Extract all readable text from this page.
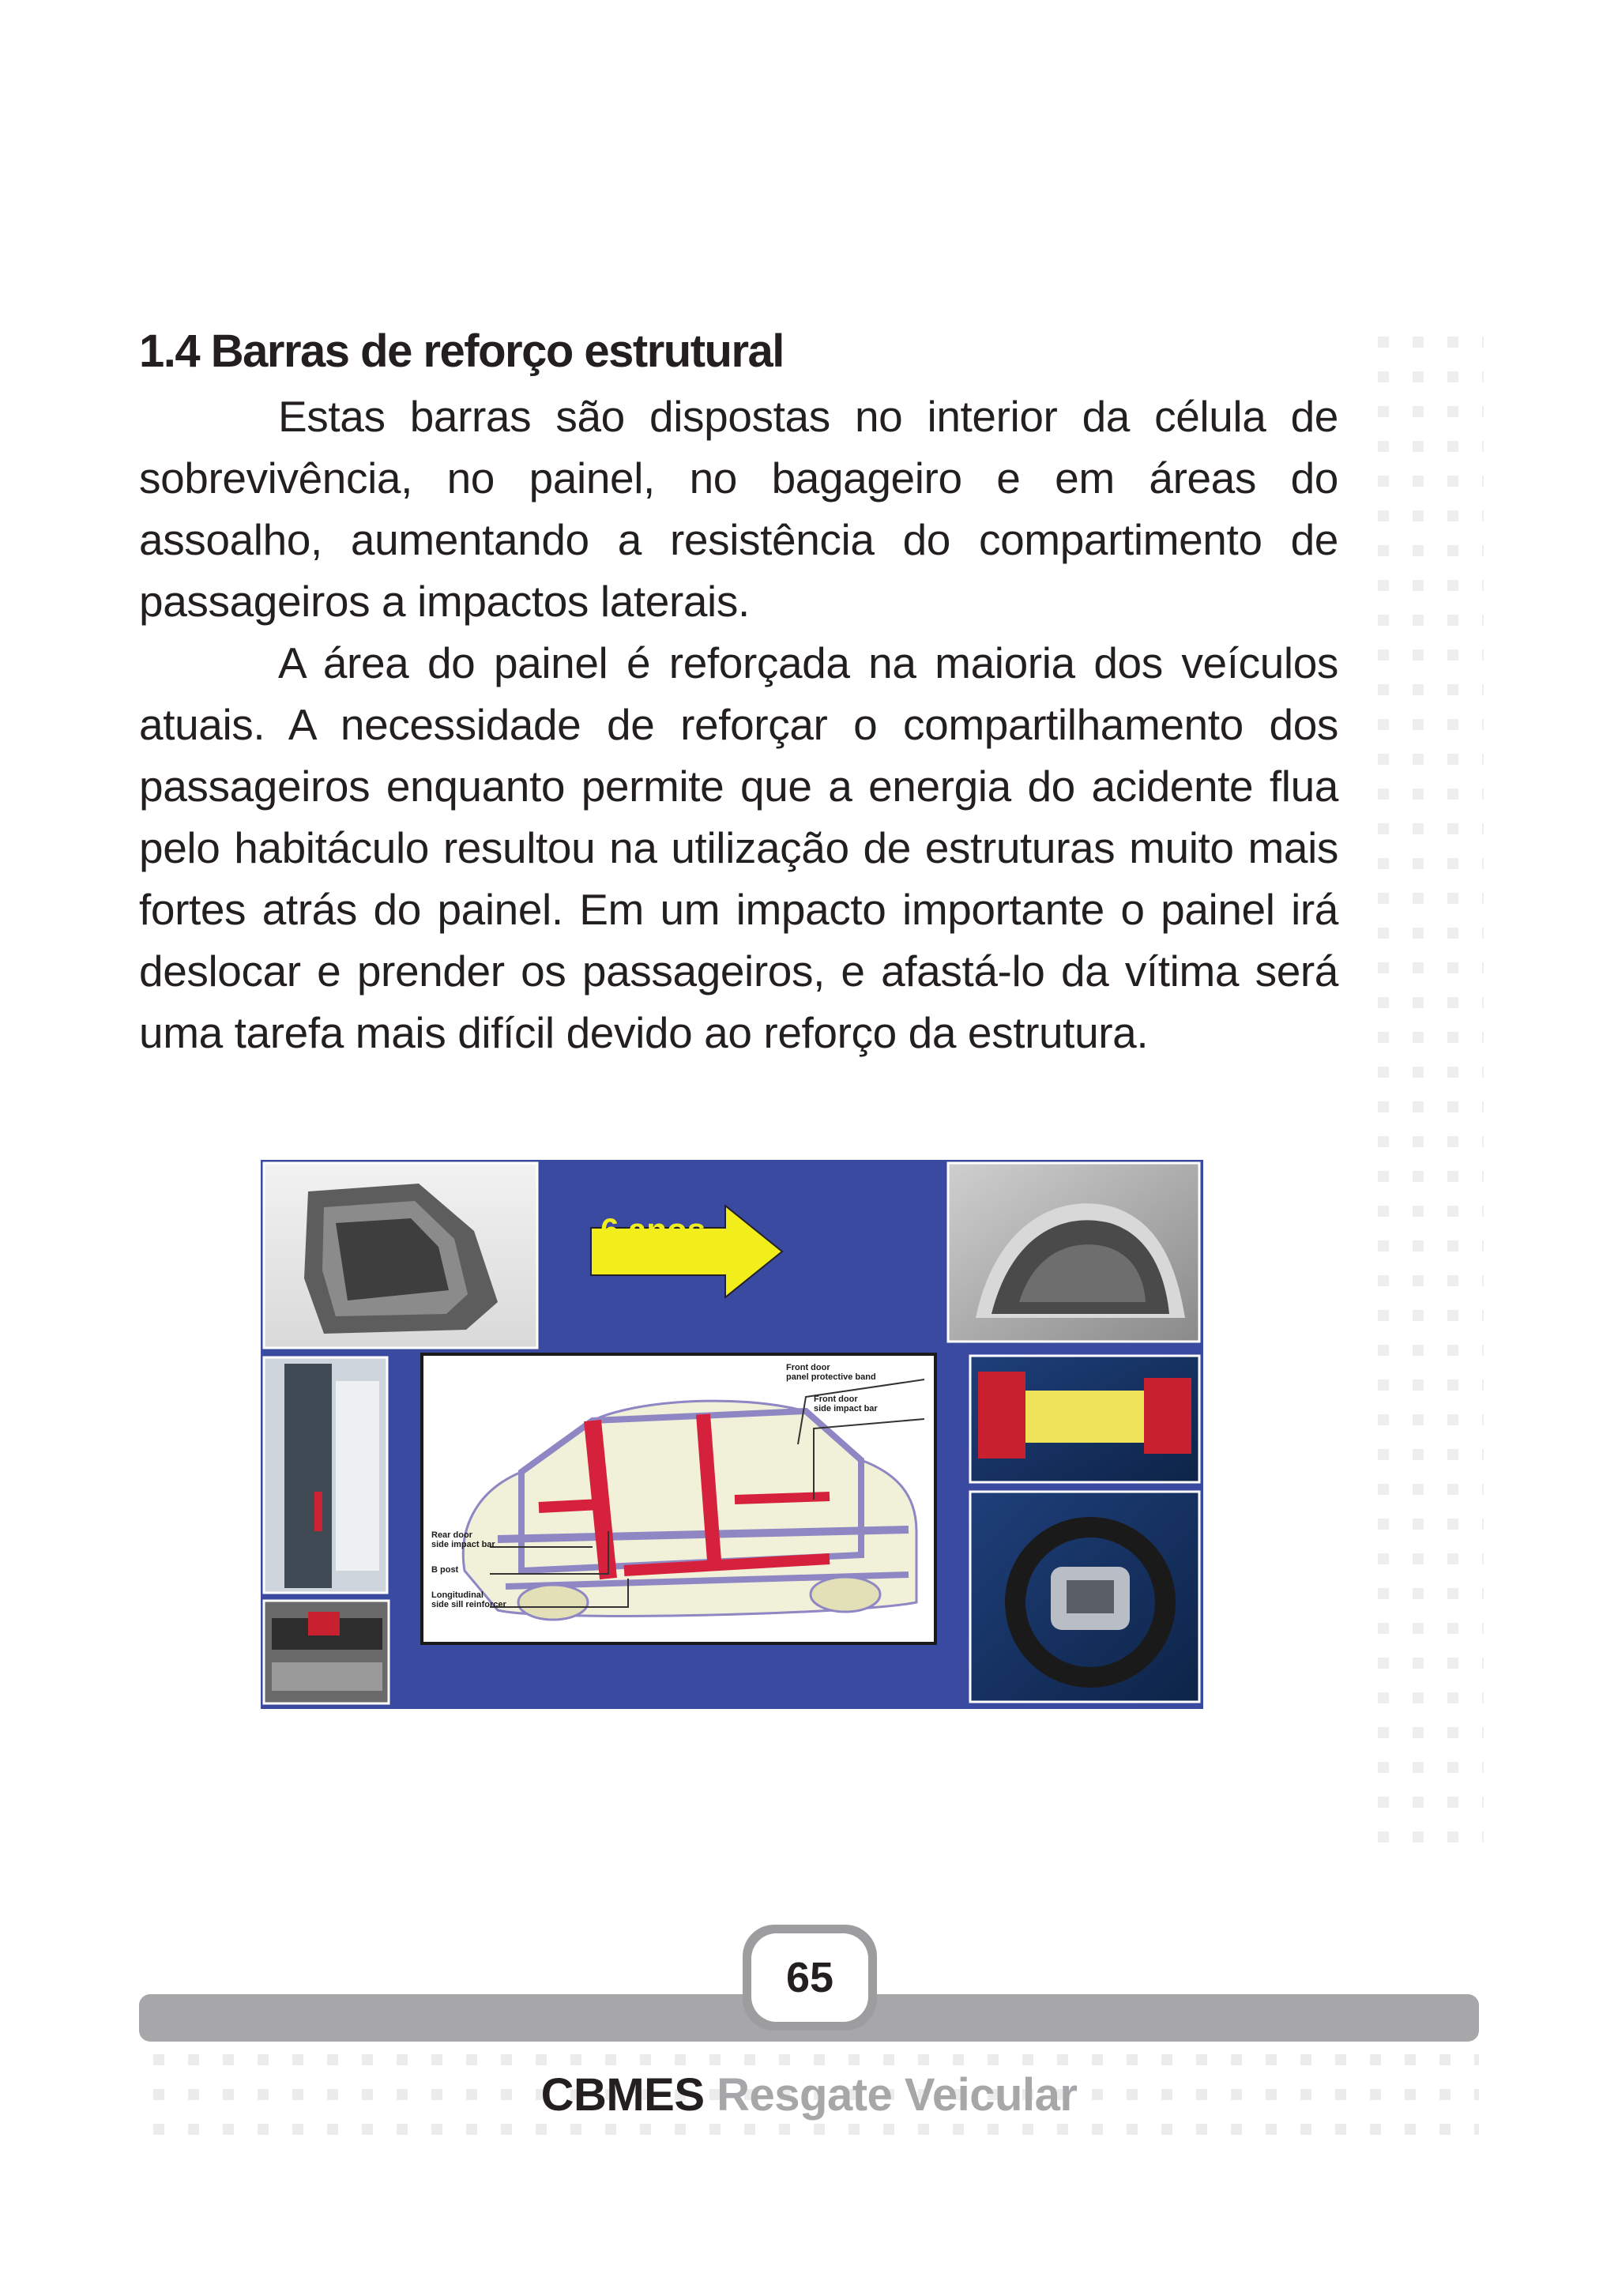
1.4 Barras de reforço estrutural

Estas barras são dispostas no interior da célula de sobrevivência, no painel, no bagageiro e em áreas do assoalho, aumentando a resistência do compartimento de passageiros a impactos laterais.

A área do painel é reforçada na maioria dos veículos atuais. A necessidade de reforçar o compartilhamento dos passageiros enquanto permite que a energia do acidente flua pelo habitáculo resultou na utilização de estruturas muito mais fortes atrás do painel. Em um impacto importante o painel irá deslocar e prender os passageiros, e afastá-lo da vítima será uma tarefa mais difícil devido ao reforço da estrutura.

6 anos
Front door
panel protective band
Front door
side impact bar
Rear door
side impact bar
B post
Longitudinal
side sill reinforcer
65
CBMES Resgate Veicular
